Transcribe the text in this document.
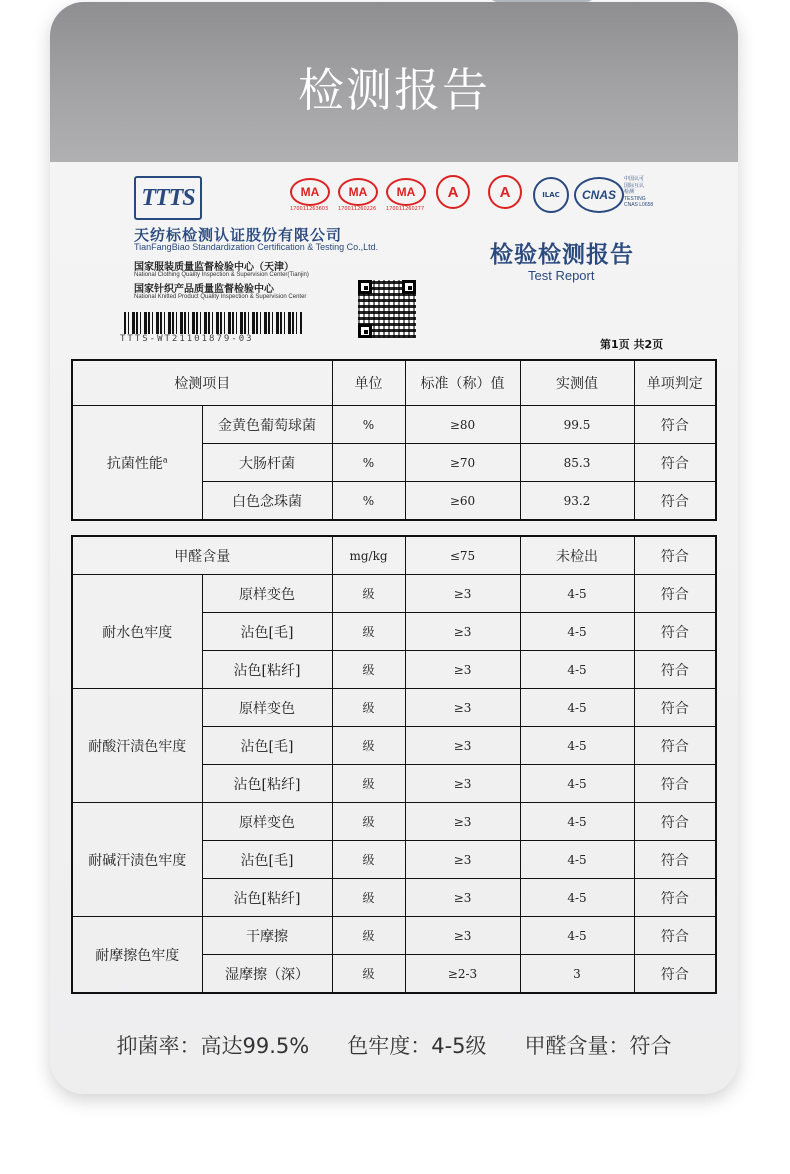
检测报告
TTTS
天纺标检测认证股份有限公司
TianFangBiao Standardization Certification & Testing Co.,Ltd.
国家服装质量监督检验中心（天津）
National Clothing Quality Inspection & Supervision Center(Tianjin)
国家针织产品质量监督检验中心
National Knitted Product Quality Inspection & Supervision Center
TTTS-WT21101879-03
MA
170011263603
MA
170011260226
MA
170011260277
A	A	ILAC	CNAS
中国认可
国际互认
检测
TESTING
CNAS L0658
检验检测报告
Test Report
第1页 共2页
检测项目		单位	标准（称）值	实测值	单项判定
抗菌性能$^a$	金黄色葡萄球菌	%	≥80	99.5	符合
	大肠杆菌	%	≥70	85.3	符合
	白色念珠菌	%	≥60	93.2	符合
甲醛含量		mg/kg	≤75	未检出	符合
耐水色牢度	原样变色	级	≥3	4-5	符合
	沾色[毛]	级	≥3	4-5	符合
	沾色[粘纤]	级	≥3	4-5	符合
耐酸汗渍色牢度	原样变色	级	≥3	4-5	符合
	沾色[毛]	级	≥3	4-5	符合
	沾色[粘纤]	级	≥3	4-5	符合
耐碱汗渍色牢度	原样变色	级	≥3	4-5	符合
	沾色[毛]	级	≥3	4-5	符合
	沾色[粘纤]	级	≥3	4-5	符合
耐摩擦色牢度	干摩擦	级	≥3	4-5	符合
	湿摩擦（深）	级	≥2-3	3	符合
抑菌率：高达99.5% 色牢度：4-5级 甲醛含量：符合
